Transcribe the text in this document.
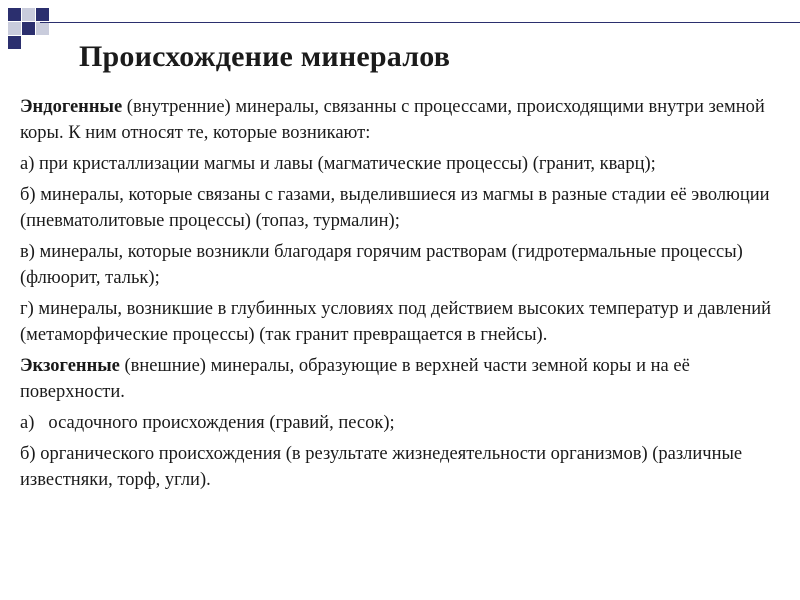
Происхождение минералов

Эндогенные (внутренние) минералы, связанны с процессами, происходящими внутри земной коры. К ним относят те, которые возникают:

а) при кристаллизации магмы и лавы (магматические процессы) (гранит, кварц);

б) минералы, которые связаны с газами, выделившиеся из магмы в разные стадии её эволюции (пневматолитовые процессы) (топаз, турмалин);

в) минералы, которые возникли благодаря горячим растворам (гидротермальные процессы) (флюорит, тальк);

г) минералы, возникшие в глубинных условиях под действием высоких температур и давлений (метаморфические процессы) (так гранит превращается в гнейсы).

Экзогенные (внешние) минералы, образующие в верхней части земной коры и на её поверхности.

а) осадочного происхождения (гравий, песок);

б) органического происхождения (в результате жизнедеятельности организмов) (различные известняки, торф, угли).
